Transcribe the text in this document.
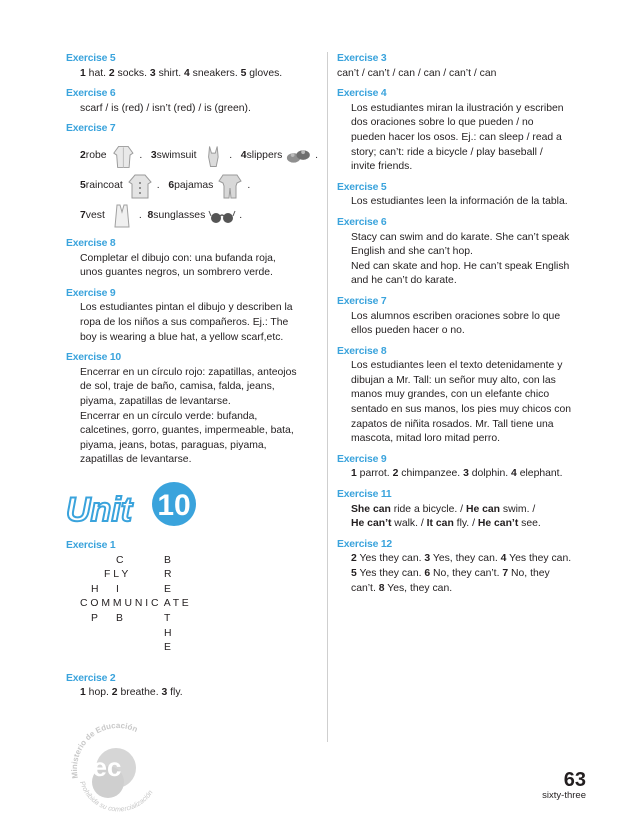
Exercise 5
1 hat. 2 socks. 3 shirt. 4 sneakers. 5 gloves.
Exercise 6
scarf / is (red) / isn’t (red) / is (green).
Exercise 7
2 robe	.
3 swimsuit	.
4 slippers	.
5 raincoat	.
6 pajamas	.
7 vest	.
8 sunglasses	.
Exercise 8
Completar el dibujo con: una bufanda roja,
unos guantes negros, un sombrero verde.
Exercise 9
Los estudiantes pintan el dibujo y describen la
ropa de los niños a sus compañeros. Ej.: The
boy is wearing a blue hat, a yellow scarf,etc.
Exercise 10
Encerrar en un círculo rojo: zapatillas, anteojos
de sol, traje de baño, camisa, falda, jeans,
piyama, zapatillas de levantarse.
Encerrar en un círculo verde: bufanda,
calcetines, gorro, guantes, impermeable, bata,
piyama, jeans, botas, paraguas, piyama,
zapatillas de levantarse.
Unit 10
Exercise 1
C	B
F L Y	R
H I	E
C O M M U N I C  A T E
P B	T
H
E
Exercise 2
1 hop. 2 breathe. 3 fly.
Exercise 3
can’t / can’t / can / can / can’t / can
Exercise 4
Los estudiantes miran la ilustración y escriben
dos oraciones sobre lo que pueden / no
pueden hacer los osos. Ej.: can sleep / read a
story; can’t: ride a bicycle / play baseball /
invite friends.
Exercise 5
Los estudiantes leen la información de la tabla.
Exercise 6
Stacy can swim and do karate. She can’t speak
English and she can’t hop.
Ned can skate and hop. He can’t speak English
and he can’t do karate.
Exercise 7
Los alumnos escriben oraciones sobre lo que
ellos pueden hacer o no.
Exercise 8
Los estudiantes leen el texto detenidamente y
dibujan a Mr. Tall: un señor muy alto, con las
manos muy grandes, con un elefante chico
sentado en sus manos, los pies muy chicos con
zapatos de niñita rosados. Mr. Tall tiene una
mascota, mitad loro mitad perro.
Exercise 9
1 parrot. 2 chimpanzee. 3 dolphin. 4 elephant.
Exercise 11
She can ride a bicycle. / He can swim. /
He can’t walk. / It can fly. / He can’t see.
Exercise 12
2 Yes they can. 3 Yes, they can. 4 Yes they can.
5 Yes they can. 6 No, they can’t. 7 No, they
can’t. 8 Yes, they can.
Ministerio de Educación
Prohibida su comercialización
ec	63
sixty-three
